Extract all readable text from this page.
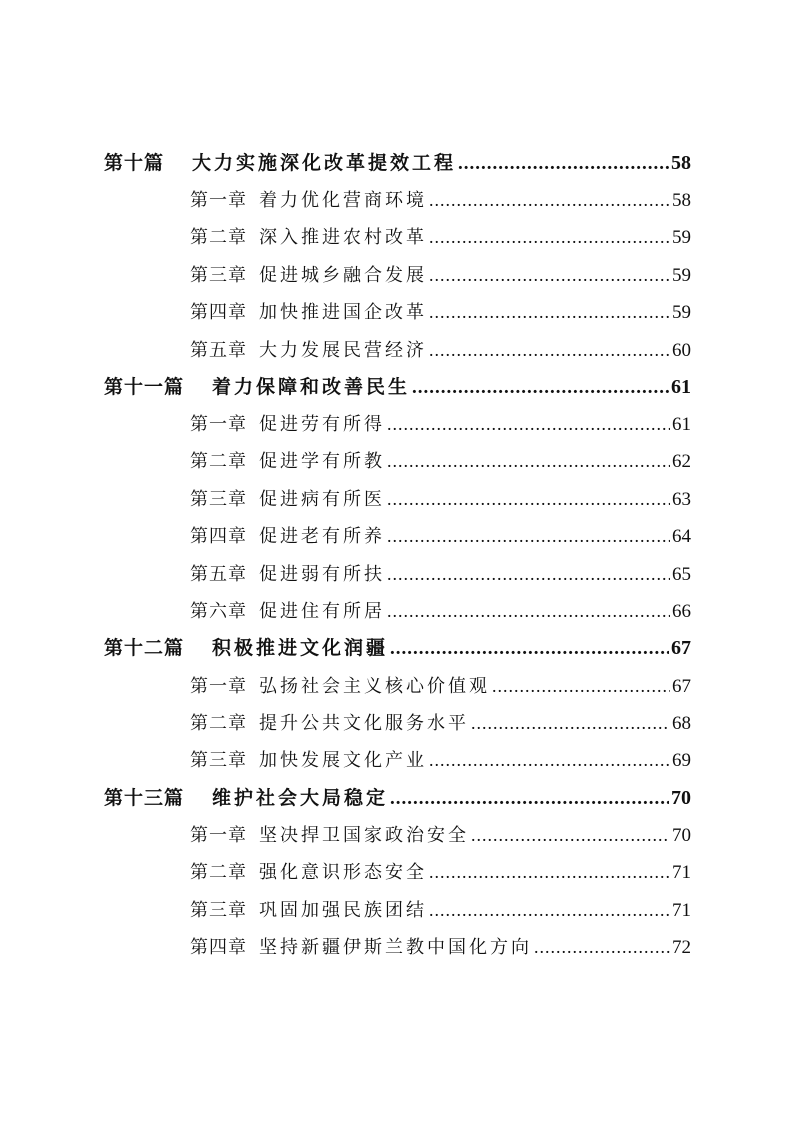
第十篇 大力实施深化改革提效工程 .....	58
第一章 着力优化营商环境 .....	58
第二章 深入推进农村改革 .....	59
第三章 促进城乡融合发展 .....	59
第四章 加快推进国企改革 .....	59
第五章 大力发展民营经济 .....	60
第十一篇 着力保障和改善民生 .....	61
第一章 促进劳有所得 .....	61
第二章 促进学有所教 .....	62
第三章 促进病有所医 .....	63
第四章 促进老有所养 .....	64
第五章 促进弱有所扶 .....	65
第六章 促进住有所居 .....	66
第十二篇 积极推进文化润疆 .....	67
第一章 弘扬社会主义核心价值观 .....	67
第二章 提升公共文化服务水平 .....	68
第三章 加快发展文化产业 .....	69
第十三篇 维护社会大局稳定 .....	70
第一章 坚决捍卫国家政治安全 .....	70
第二章 强化意识形态安全 .....	71
第三章 巩固加强民族团结 .....	71
第四章 坚持新疆伊斯兰教中国化方向 .....	72
